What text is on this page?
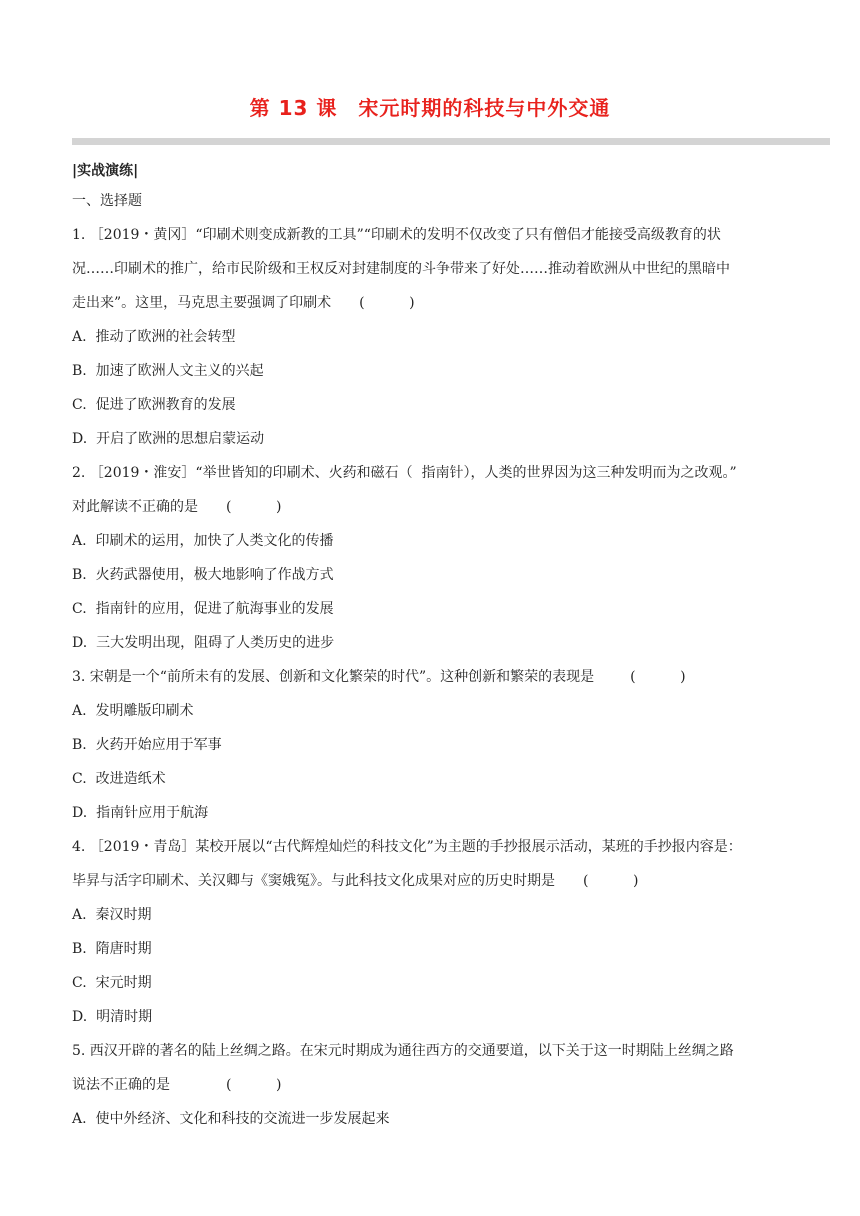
第 13 课　宋元时期的科技与中外交通
|实战演练|
一、选择题
1. ［2019・黄冈］“印刷术则变成新教的工具”“印刷术的发明不仅改变了只有僧侣才能接受高级教育的状
况……印刷术的推广，给市民阶级和王权反对封建制度的斗争带来了好处……推动着欧洲从中世纪的黑暗中
走出来”。这里，马克思主要强调了印刷术 (          )
A.  推动了欧洲的社会转型
B.  加速了欧洲人文主义的兴起
C.  促进了欧洲教育的发展
D.  开启了欧洲的思想启蒙运动
2. ［2019・淮安］“举世皆知的印刷术、火药和磁石（  指南针），人类的世界因为这三种发明而为之改观。”
对此解读不正确的是 (          )
A.  印刷术的运用，加快了人类文化的传播
B.  火药武器使用，极大地影响了作战方式
C.  指南针的应用，促进了航海事业的发展
D.  三大发明出现，阻碍了人类历史的进步
3. 宋朝是一个“前所未有的发展、创新和文化繁荣的时代”。这种创新和繁荣的表现是	(          )
A.  发明雕版印刷术
B.  火药开始应用于军事
C.  改进造纸术
D.  指南针应用于航海
4. ［2019・青岛］某校开展以“古代辉煌灿烂的科技文化”为主题的手抄报展示活动，某班的手抄报内容是：
毕昇与活字印刷术、关汉卿与《窦娥冤》。与此科技文化成果对应的历史时期是 (          )
A.  秦汉时期
B.  隋唐时期
C.  宋元时期
D.  明清时期
5. 西汉开辟的著名的陆上丝绸之路。在宋元时期成为通往西方的交通要道，以下关于这一时期陆上丝绸之路
说法不正确的是	(          )
A.  使中外经济、文化和科技的交流进一步发展起来
